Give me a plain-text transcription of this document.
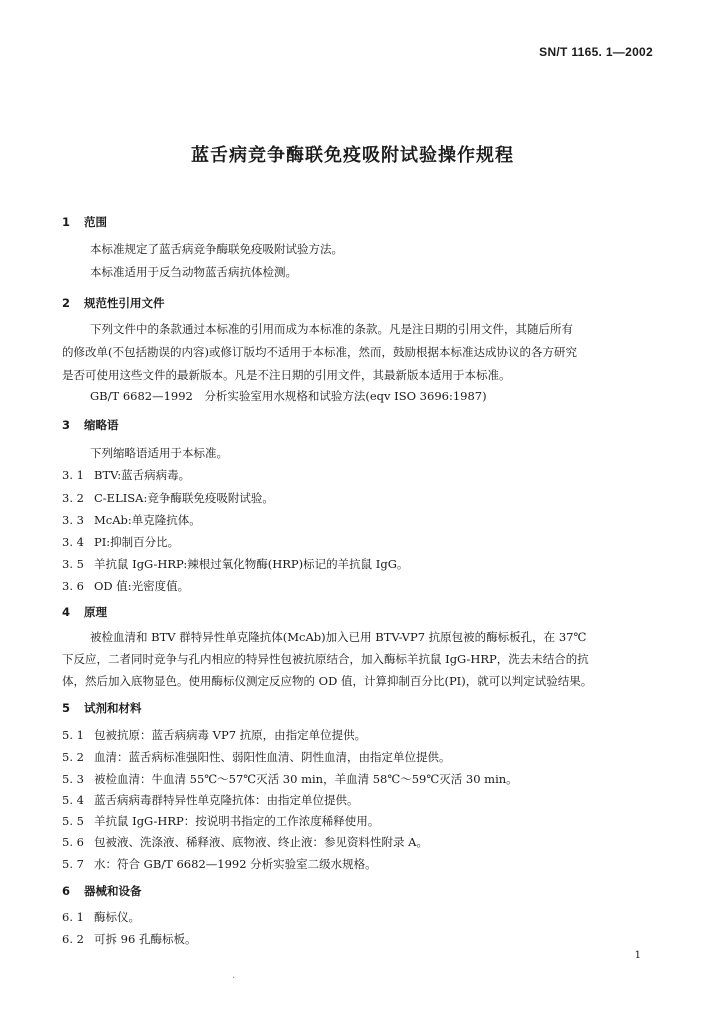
SN/T 1165. 1—2002
蓝舌病竞争酶联免疫吸附试验操作规程
1 范围
本标准规定了蓝舌病竞争酶联免疫吸附试验方法。
本标准适用于反刍动物蓝舌病抗体检测。
2 规范性引用文件
下列文件中的条款通过本标准的引用而成为本标准的条款。凡是注日期的引用文件，其随后所有
的修改单(不包括勘误的内容)或修订版均不适用于本标准，然而，鼓励根据本标准达成协议的各方研究
是否可使用这些文件的最新版本。凡是不注日期的引用文件，其最新版本适用于本标准。
GB/T 6682—1992　分析实验室用水规格和试验方法(eqv ISO 3696:1987)
3 缩略语
下列缩略语适用于本标准。
3. 1 BTV:蓝舌病病毒。
3. 2 C-ELISA:竞争酶联免疫吸附试验。
3. 3 McAb:单克隆抗体。
3. 4 PI:抑制百分比。
3. 5 羊抗鼠 IgG-HRP:辣根过氧化物酶(HRP)标记的羊抗鼠 IgG。
3. 6 OD 值:光密度值。
4 原理
被检血清和 BTV 群特异性单克隆抗体(McAb)加入已用 BTV-VP7 抗原包被的酶标板孔，在 37℃
下反应，二者同时竞争与孔内相应的特异性包被抗原结合，加入酶标羊抗鼠 IgG-HRP，洗去未结合的抗
体，然后加入底物显色。使用酶标仪测定反应物的 OD 值，计算抑制百分比(PI)，就可以判定试验结果。
5 试剂和材料
5. 1 包被抗原：蓝舌病病毒 VP7 抗原，由指定单位提供。
5. 2 血清：蓝舌病标准强阳性、弱阳性血清、阴性血清，由指定单位提供。
5. 3 被检血清：牛血清 55℃～57℃灭活 30 min，羊血清 58℃～59℃灭活 30 min。
5. 4 蓝舌病病毒群特异性单克隆抗体：由指定单位提供。
5. 5 羊抗鼠 IgG-HRP：按说明书指定的工作浓度稀释使用。
5. 6 包被液、洗涤液、稀释液、底物液、终止液：参见资料性附录 A。
5. 7 水：符合 GB/T 6682—1992 分析实验室二级水规格。
6 器械和设备
6. 1 酶标仪。
6. 2 可拆 96 孔酶标板。
1
·
